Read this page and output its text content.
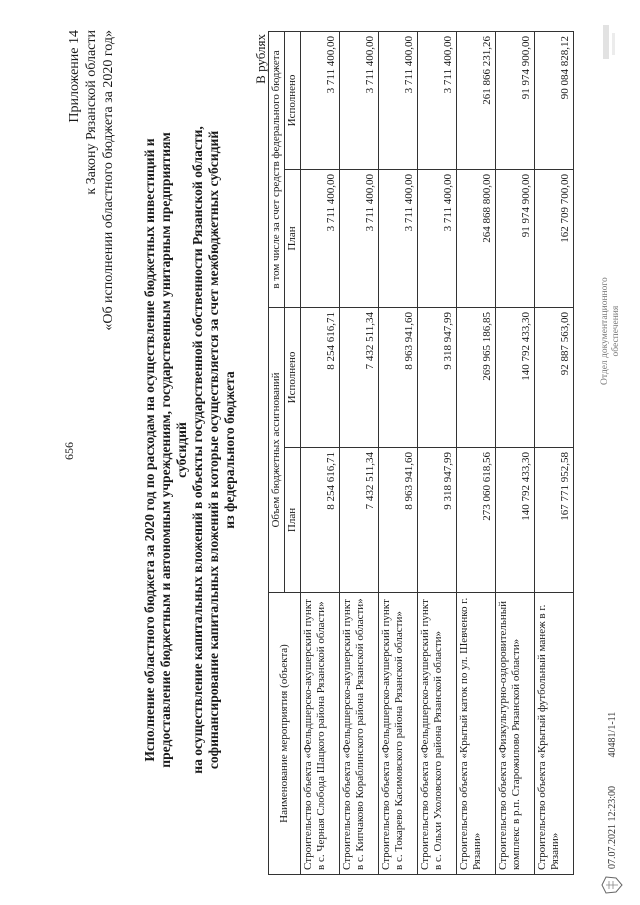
656
Приложение 14 к Закону Рязанской области «Об исполнении областного бюджета за 2020 год» Исполнение областного бюджета за 2020 год по расходам на осуществление бюджетных инвестиций и предоставление бюджетным и автономным учреждениям, государственным унитарным предприятиям субсидий на осуществление капитальных вложений в объекты государственной собственности Рязанской области, софинансирование капитальных вложений в которые осуществляется за счет межбюджетных субсидий из федерального бюджета
В рублях
Наименование мероприятия (объекта)	Объем бюджетных ассигнований		в том числе за счет средств федерального бюджета	
	План	Исполнено	План	Исполнено
Строительство объекта «Фельдшерско-акушерский пункт в с. Черная Слобода Шацкого района Рязанской области»	8 254 616,71	8 254 616,71	3 711 400,00	3 711 400,00
Строительство объекта «Фельдшерско-акушерский пункт в с. Кипчаково Кораблинского района Рязанской области»	7 432 511,34	7 432 511,34	3 711 400,00	3 711 400,00
Строительство объекта «Фельдшерско-акушерский пункт в с. Токарево Касимовского района Рязанской области»	8 963 941,60	8 963 941,60	3 711 400,00	3 711 400,00
Строительство объекта «Фельдшерско-акушерский пункт в с. Ольхи Ухоловского района Рязанской области»	9 318 947,99	9 318 947,99	3 711 400,00	3 711 400,00
Строительство объекта «Крытый каток по ул. Шевченко г. Рязани»	273 060 618,56	269 965 186,85	264 868 800,00	261 866 231,26
Строительство объекта «Физкультурно-оздоровительный комплекс в р.п. Старожилово Рязанской области»	140 792 433,30	140 792 433,30	91 974 900,00	91 974 900,00
Строительство объекта «Крытый футбольный манеж в г. Рязани»	167 771 952,58	92 887 563,00	162 709 700,00	90 084 828,12
07.07.2021 12:23:00 40481/1-11
Отдел документационного обеспечения
